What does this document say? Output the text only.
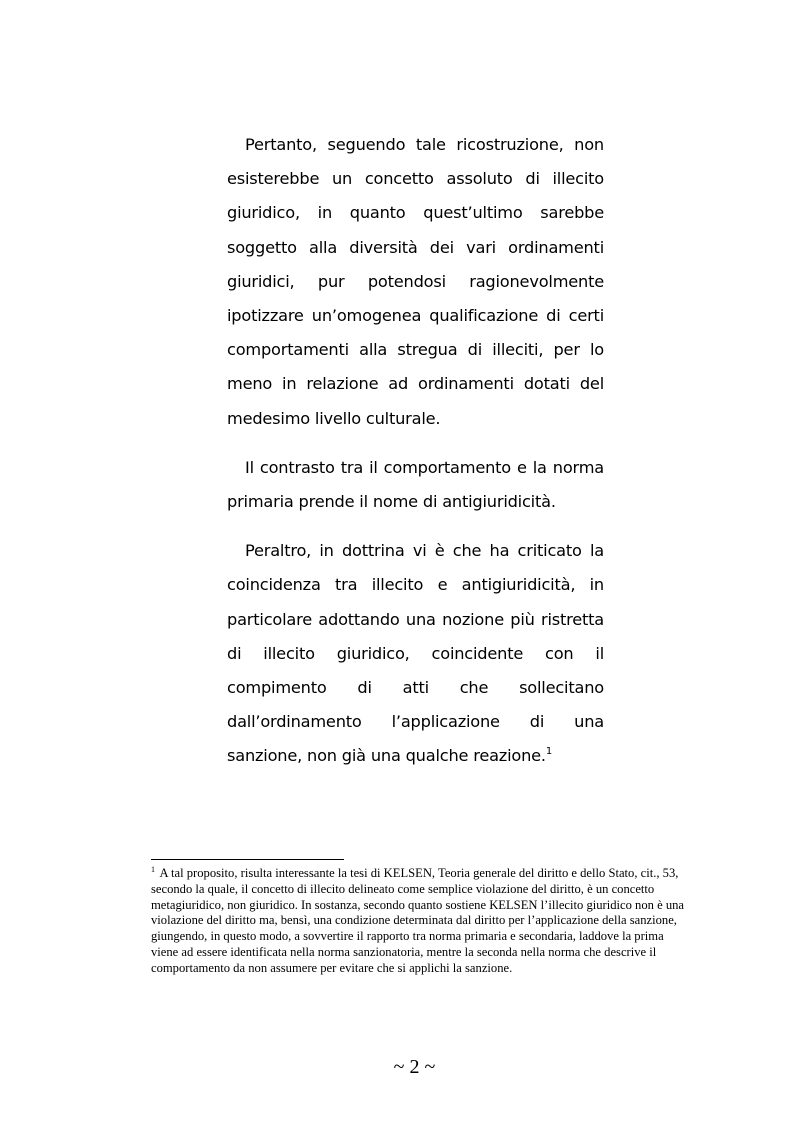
Pertanto, seguendo tale ricostruzione, non esisterebbe un concetto assoluto di illecito giuridico, in quanto quest’ultimo sarebbe soggetto alla diversità dei vari ordinamenti giuridici, pur potendosi ragionevolmente ipotizzare un’omogenea qualificazione di certi comportamenti alla stregua di illeciti, per lo meno in relazione ad ordinamenti dotati del medesimo livello culturale.

Il contrasto tra il comportamento e la norma primaria prende il nome di antigiuridicità.

Peraltro, in dottrina vi è che ha criticato la coincidenza tra illecito e antigiuridicità, in particolare adottando una nozione più ristretta di illecito giuridico, coincidente con il compimento di atti che sollecitano dall’ordinamento l’applicazione di una sanzione, non già una qualche reazione.$^1$

$^1$ A tal proposito, risulta interessante la tesi di KELSEN, Teoria generale del diritto e dello Stato, cit., 53, secondo la quale, il concetto di illecito delineato come semplice violazione del diritto, è un concetto metagiuridico, non giuridico. In sostanza, secondo quanto sostiene KELSEN l’illecito giuridico non è una violazione del diritto ma, bensì, una condizione determinata dal diritto per l’applicazione della sanzione, giungendo, in questo modo, a sovvertire il rapporto tra norma primaria e secondaria, laddove la prima viene ad essere identificata nella norma sanzionatoria, mentre la seconda nella norma che descrive il comportamento da non assumere per evitare che si applichi la sanzione.

~ 2 ~
